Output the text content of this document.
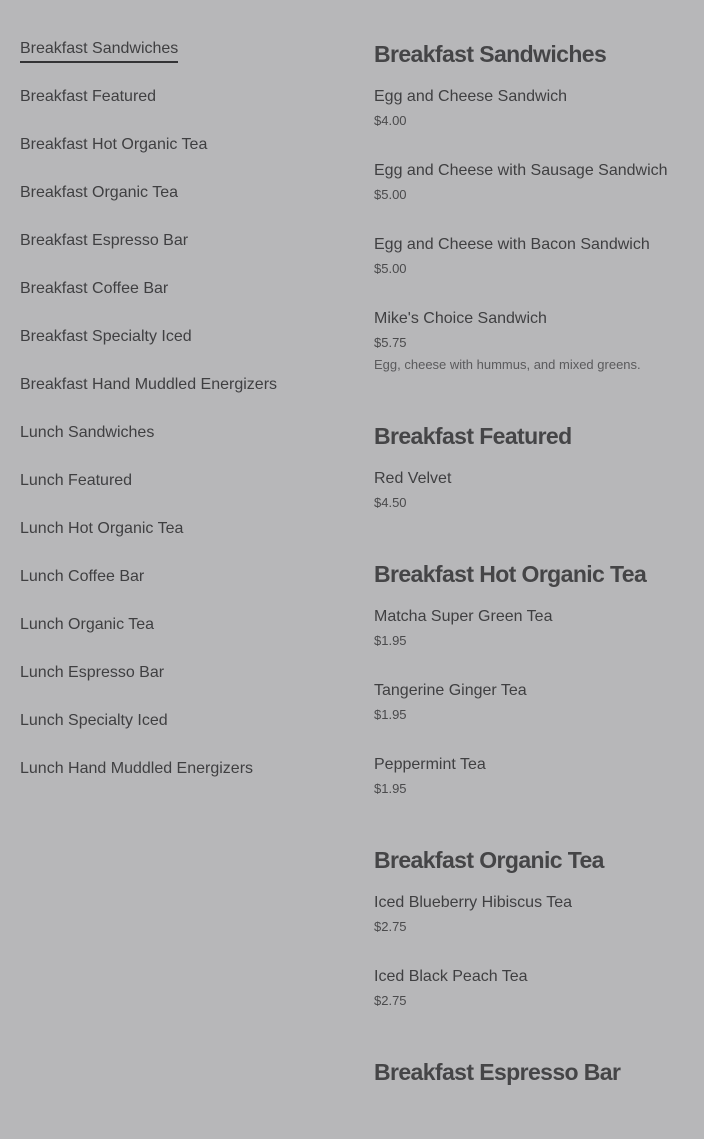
Breakfast Sandwiches
Breakfast Featured
Breakfast Hot Organic Tea
Breakfast Organic Tea
Breakfast Espresso Bar
Breakfast Coffee Bar
Breakfast Specialty Iced
Breakfast Hand Muddled Energizers
Lunch Sandwiches
Lunch Featured
Lunch Hot Organic Tea
Lunch Coffee Bar
Lunch Organic Tea
Lunch Espresso Bar
Lunch Specialty Iced
Lunch Hand Muddled Energizers
Breakfast Sandwiches
Egg and Cheese Sandwich
$4.00
Egg and Cheese with Sausage Sandwich
$5.00
Egg and Cheese with Bacon Sandwich
$5.00
Mike's Choice Sandwich
$5.75
Egg, cheese with hummus, and mixed greens.
Breakfast Featured
Red Velvet
$4.50
Breakfast Hot Organic Tea
Matcha Super Green Tea
$1.95
Tangerine Ginger Tea
$1.95
Peppermint Tea
$1.95
Breakfast Organic Tea
Iced Blueberry Hibiscus Tea
$2.75
Iced Black Peach Tea
$2.75
Breakfast Espresso Bar
